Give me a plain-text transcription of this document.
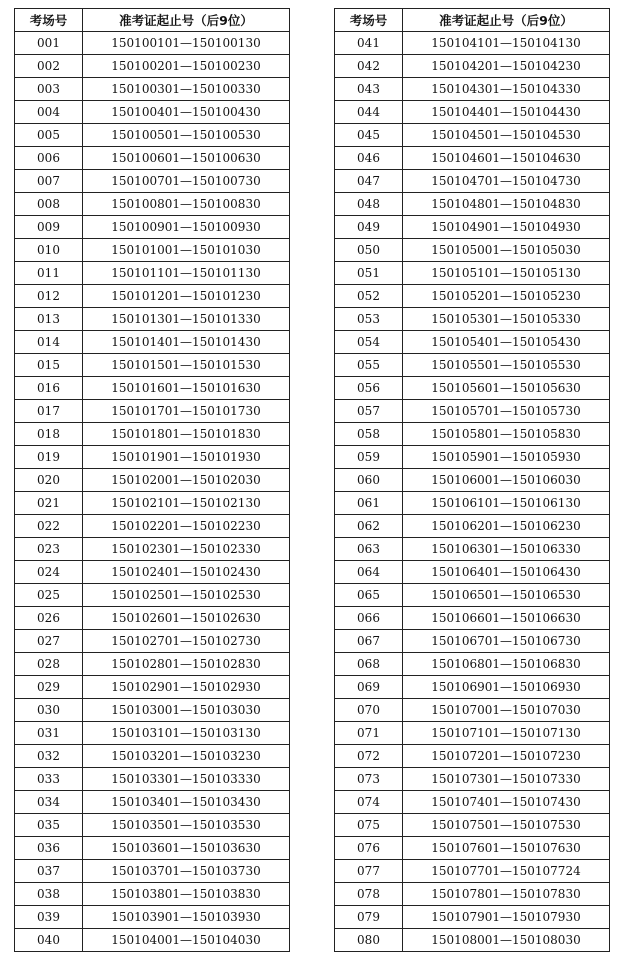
考场号	准考证起止号（后9位）
001	150100101—150100130
002	150100201—150100230
003	150100301—150100330
004	150100401—150100430
005	150100501—150100530
006	150100601—150100630
007	150100701—150100730
008	150100801—150100830
009	150100901—150100930
010	150101001—150101030
011	150101101—150101130
012	150101201—150101230
013	150101301—150101330
014	150101401—150101430
015	150101501—150101530
016	150101601—150101630
017	150101701—150101730
018	150101801—150101830
019	150101901—150101930
020	150102001—150102030
021	150102101—150102130
022	150102201—150102230
023	150102301—150102330
024	150102401—150102430
025	150102501—150102530
026	150102601—150102630
027	150102701—150102730
028	150102801—150102830
029	150102901—150102930
030	150103001—150103030
031	150103101—150103130
032	150103201—150103230
033	150103301—150103330
034	150103401—150103430
035	150103501—150103530
036	150103601—150103630
037	150103701—150103730
038	150103801—150103830
039	150103901—150103930
040	150104001—150104030
考场号	准考证起止号（后9位）
041	150104101—150104130
042	150104201—150104230
043	150104301—150104330
044	150104401—150104430
045	150104501—150104530
046	150104601—150104630
047	150104701—150104730
048	150104801—150104830
049	150104901—150104930
050	150105001—150105030
051	150105101—150105130
052	150105201—150105230
053	150105301—150105330
054	150105401—150105430
055	150105501—150105530
056	150105601—150105630
057	150105701—150105730
058	150105801—150105830
059	150105901—150105930
060	150106001—150106030
061	150106101—150106130
062	150106201—150106230
063	150106301—150106330
064	150106401—150106430
065	150106501—150106530
066	150106601—150106630
067	150106701—150106730
068	150106801—150106830
069	150106901—150106930
070	150107001—150107030
071	150107101—150107130
072	150107201—150107230
073	150107301—150107330
074	150107401—150107430
075	150107501—150107530
076	150107601—150107630
077	150107701—150107724
078	150107801—150107830
079	150107901—150107930
080	150108001—150108030
